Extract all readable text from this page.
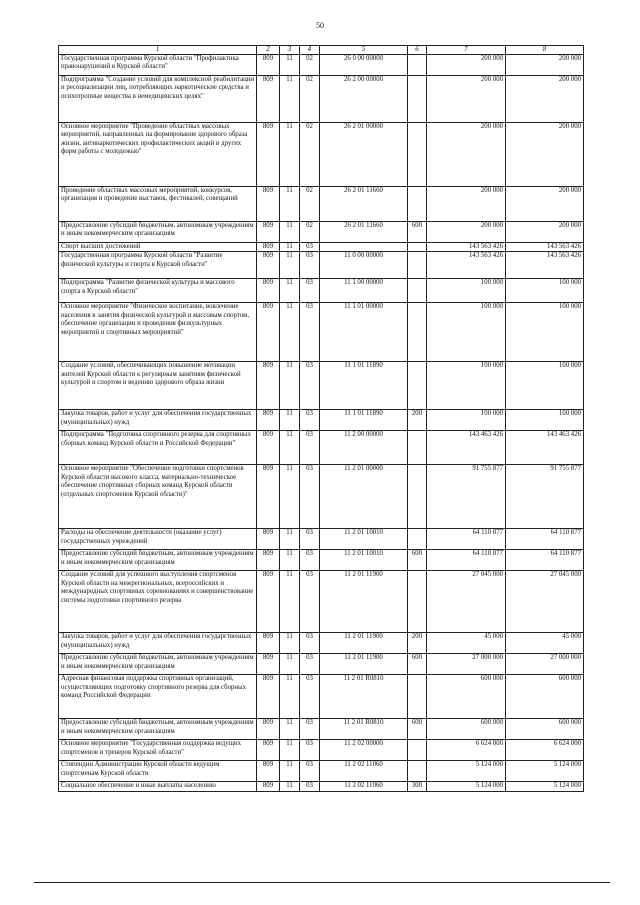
50
1	2	3	4	5	6	7	8
Государственная программа Курской области "Профилактика правонарушений в Курской области"	809	11	02	26 0 00 00000		200 000	200 000
Подпрограмма "Создание условий для комплексной реабилитации и ресоциализации лиц, потребляющих наркотические средства и психотропные вещества в немедицинских целях"	809	11	02	26 2 00 00000		200 000	200 000
Основное мероприятие "Проведение областных массовых мероприятий, направленных на формирование здорового образа жизни, антинаркотических профилактических акций и других форм работы с молодежью"	809	11	02	26 2 01 00000		200 000	200 000
Проведение областных массовых мероприятий, конкурсов, организация и проведение выставок, фестивалей, совещаний	809	11	02	26 2 01 11660		200 000	200 000
Предоставление субсидий бюджетным, автономным учреждениям и иным некоммерческим организациям	809	11	02	26 2 01 11660	600	200 000	200 000
Спорт высших достижений	809	11	03			143 563 426	143 563 426
Государственная программа Курской области "Развитие физической культуры и спорта в Курской области"	809	11	03	11 0 00 00000		143 563 426	143 563 426
Подпрограмма "Развитие физической культуры и массового спорта в Курской области"	809	11	03	11 1 00 00000		100 000	100 000
Основное мероприятие "Физическое воспитание, вовлечение населения в занятия физической культурой и массовым спортом, обеспечение организации и проведения физкультурных мероприятий и спортивных мероприятий"	809	11	03	11 1 01 00000		100 000	100 000
Создание условий, обеспечивающих повышение мотивации жителей Курской области к регулярным занятиям физической культурой и спортом и ведению здорового образа жизни	809	11	03	11 1 01 11890		100 000	100 000
Закупка товаров, работ и услуг для обеспечения государственных (муниципальных) нужд	809	11	03	11 1 01 11890	200	100 000	100 000
Подпрограмма "Подготовка спортивного резерва для спортивных сборных команд Курской области и Российской Федерации"	809	11	03	11 2 00 00000		143 463 426	143 463 426
Основное мероприятие "Обеспечение подготовки спортсменов Курской области высокого класса, материально-техническое обеспечение спортивных сборных команд Курской области (отдельных спортсменов Курской области)"	809	11	03	11 2 01 00000		91 755 877	91 755 877
Расходы на обеспечение деятельности (оказание услуг) государственных учреждений	809	11	03	11 2 01 10010		64 110 877	64 110 877
Предоставление субсидий бюджетным, автономным учреждениям и иным некоммерческим организациям	809	11	03	11 2 01 10010	600	64 110 877	64 110 877
Создание условий для успешного выступления спортсменов Курской области на межрегиональных, всероссийских и международных спортивных соревнованиях и совершенствование системы подготовки спортивного резерва	809	11	03	11 2 01 11900		27 045 000	27 045 000
Закупка товаров, работ и услуг для обеспечения государственных (муниципальных) нужд	809	11	03	11 2 01 11900	200	45 000	45 000
Предоставление субсидий бюджетным, автономным учреждениям и иным некоммерческим организациям	809	11	03	11 2 01 11900	600	27 000 000	27 000 000
Адресная финансовая поддержка спортивных организаций, осуществляющих подготовку спортивного резерва для сборных команд Российской Федерации	809	11	03	11 2 01 R0810		600 000	600 000
Предоставление субсидий бюджетным, автономным учреждениям и иным некоммерческим организациям	809	11	03	11 2 01 R0810	600	600 000	600 000
Основное мероприятие "Государственная поддержка ведущих спортсменов и тренеров Курской области"	809	11	03	11 2 02 00000		6 624 000	6 624 000
Стипендии Администрации Курской области ведущим спортсменам Курской области	809	11	03	11 2 02 11060		5 124 000	5 124 000
Социальное обеспечение и иные выплаты населению	809	11	03	11 2 02 11060	300	5 124 000	5 124 000
